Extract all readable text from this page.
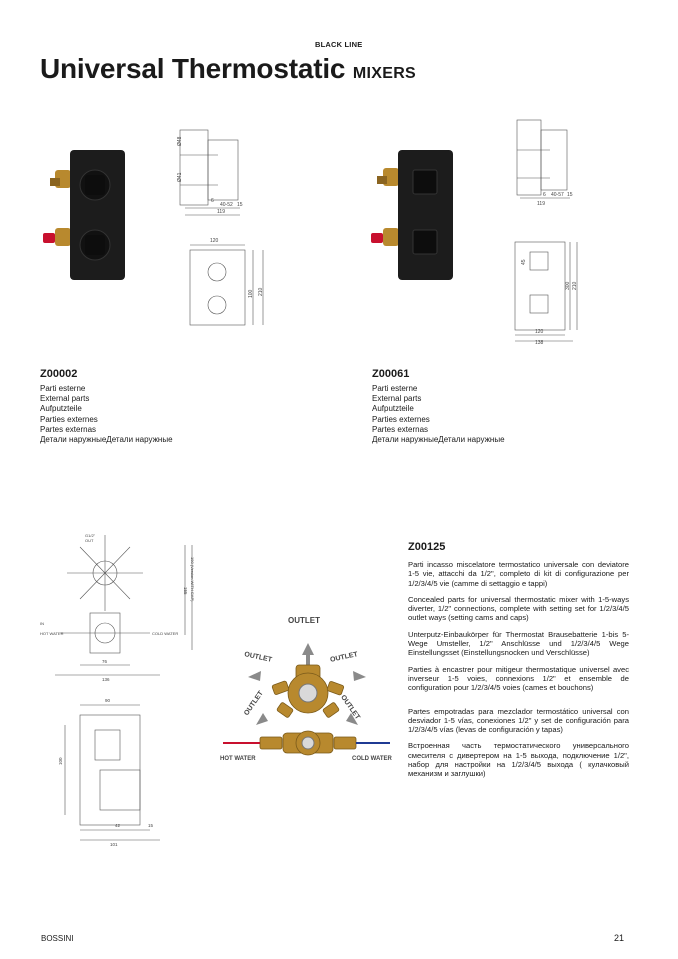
BLACK LINE
Universal Thermostatic MIXERS
Ø48
Ø41
6
40-52 15
119
120
100 210
6 40-57 15
119
45
300 210
120
138
Z00002
Parti esterne
External parts
Aufputzteile
Parties externes
Partes externas
Детали наружныеДетали наружные
Z00061
Parti esterne
External parts
Aufputzteile
Parties externes
Partes externas
Детали наружныеДетали наружные
G1/2"
OUT
IN
HOT WATER	COLD WATER
155 190 (Version WITH CAP)
76
136
90
100
42	15
101
OUTLET
OUTLET	OUTLET
OUTLET	OUTLET
HOT WATER	COLD WATER
Z00125

Parti incasso miscelatore termostatico universale con deviatore 1-5 vie, attacchi da 1/2", completo di kit di configurazione per 1/2/3/4/5 vie (camme di settaggio e tappi)

Concealed parts for universal thermostatic mixer with 1-5-ways diverter, 1/2" connections, complete with setting set for 1/2/3/4/5 outlet ways (setting cams and caps)

Unterputz-Einbaukörper für Thermostat Brausebatterie 1-bis 5-Wege Umsteller, 1/2" Anschlüsse und 1/2/3/4/5 Wege Einstellungsset (Einstellungsnocken und Verschlüsse)

Parties à encastrer pour mitigeur thermostatique universel avec inverseur 1-5 voies, connexions 1/2" et ensemble de configuration pour 1/2/3/4/5 voies (cames et bouchons)

Partes empotradas para mezclador termostático universal con desviador 1-5 vías, conexiones 1/2" y set de configuración para 1/2/3/4/5 vías (levas de configuración y tapas)

Встроенная часть термостатического универсального смесителя с дивертером на 1-5 выхода, подключение 1/2", набор для настройки на 1/2/3/4/5 выхода ( кулачковый механизм и заглушки)

BOSSINI	21
